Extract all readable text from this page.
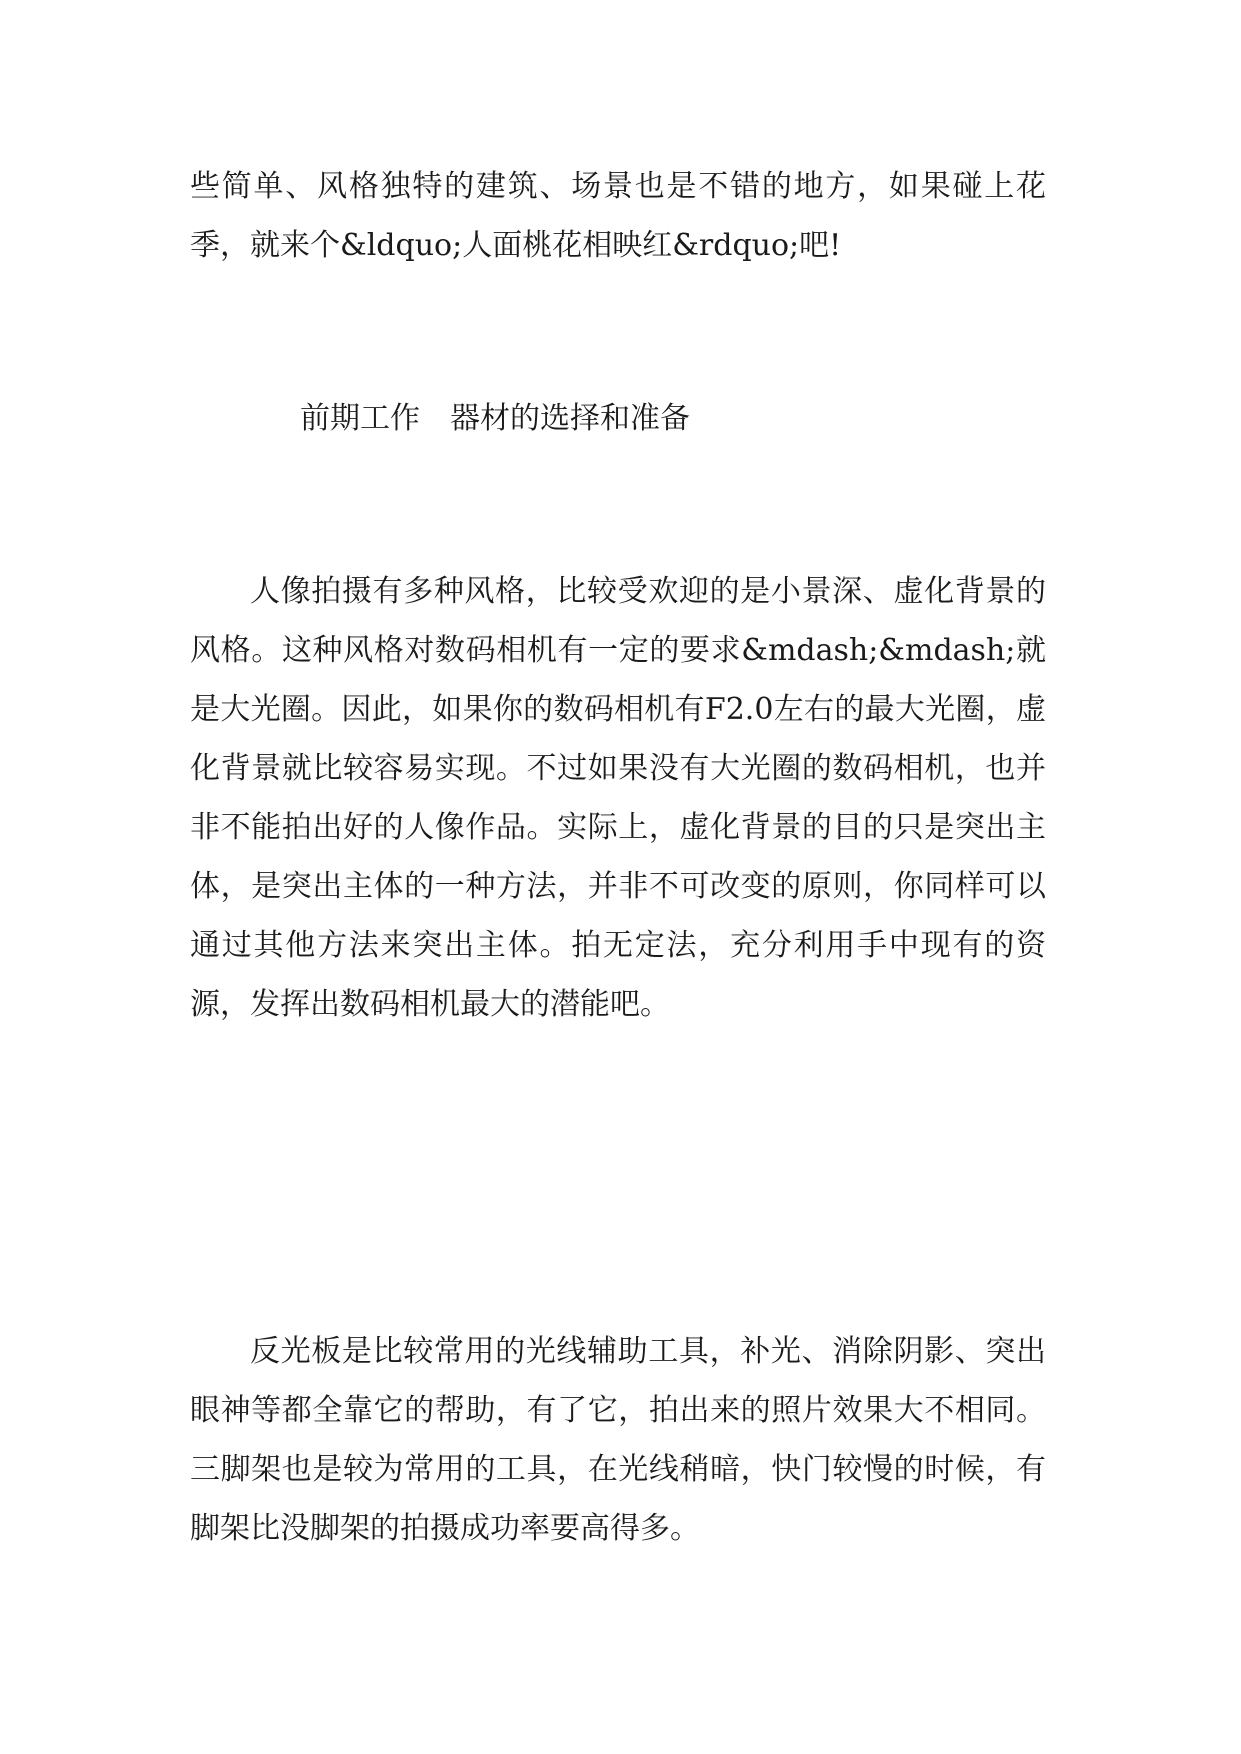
些简单、风格独特的建筑、场景也是不错的地方，如果碰上花季，就来个&ldquo;人面桃花相映红&rdquo;吧!

前期工作　器材的选择和准备

人像拍摄有多种风格，比较受欢迎的是小景深、虚化背景的风格。这种风格对数码相机有一定的要求&mdash;&mdash;就是大光圈。因此，如果你的数码相机有F2.0左右的最大光圈，虚化背景就比较容易实现。不过如果没有大光圈的数码相机，也并非不能拍出好的人像作品。实际上，虚化背景的目的只是突出主体，是突出主体的一种方法，并非不可改变的原则，你同样可以通过其他方法来突出主体。拍无定法，充分利用手中现有的资源，发挥出数码相机最大的潜能吧。

反光板是比较常用的光线辅助工具，补光、消除阴影、突出眼神等都全靠它的帮助，有了它，拍出来的照片效果大不相同。三脚架也是较为常用的工具，在光线稍暗，快门较慢的时候，有脚架比没脚架的拍摄成功率要高得多。
